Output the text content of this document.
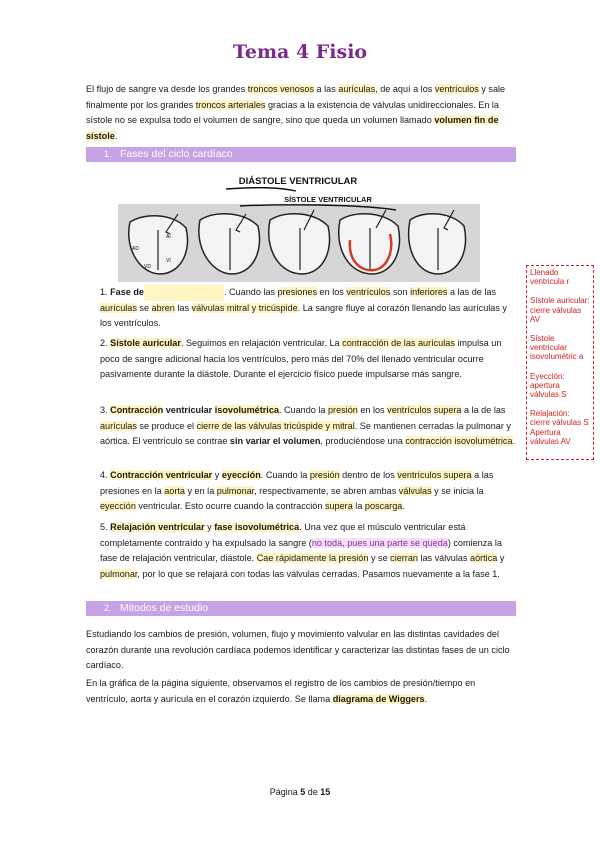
Tema 4 Fisio
El flujo de sangre va desde los grandes troncos venosos a las aurículas, de aquí a los ventrículos y sale finalmente por los grandes troncos arteriales gracias a la existencia de válvulas unidireccionales. En la sístole no se expulsa todo el volumen de sangre, sino que queda un volumen llamado volumen fin de sístole.
1. Fases del ciclo cardíaco
DIÁSTOLE VENTRICULAR
SÍSTOLE VENTRICULAR
AD
AI
VD
VI
Llenado ventricula r
Sístole auricular: cierre válvulas AV
Sístole ventricular isovolumétric a
Eyección: apertura válvulas S
Relajación: cierre válvulas S Apertura válvulas AV
1. Fase de	. Cuando las presiones en los ventrículos son inferiores a las de las aurículas se abren las válvulas mitral y tricúspide. La sangre fluye al corazón llenando las aurículas y los ventrículos.
2. Sístole auricular. Seguimos en relajación ventricular. La contracción de las aurículas impulsa un poco de sangre adicional hacia los ventrículos, pero más del 70% del llenado ventricular ocurre pasivamente durante la diástole. Durante el ejercicio físico puede impulsarse más sangre.
3. Contracción ventricular isovolumétrica. Cuando la presión en los ventrículos supera a la de las aurículas se produce el cierre de las válvulas tricúspide y mitral. Se mantienen cerradas la pulmonar y aórtica. El ventrículo se contrae sin variar el volumen, produciéndose una contracción isovolumétrica.
4. Contracción ventricular y eyección. Cuando la presión dentro de los ventrículos supera a las presiones en la aorta y en la pulmonar, respectivamente, se abren ambas válvulas y se inicia la eyección ventricular. Esto ocurre cuando la contracción supera la poscarga.
5. Relajación ventricular y fase isovolumétrica. Una vez que el músculo ventricular está completamente contraído y ha expulsado la sangre (no toda, pues una parte se queda) comienza la fase de relajación ventricular, diástole. Cae rápidamente la presión y se cierran las válvulas aórtica y pulmonar, por lo que se relajará con todas las válvulas cerradas. Pasamos nuevamente a la fase 1.
2. Mitodos de estudio
Estudiando los cambios de presión, volumen, flujo y movimiento valvular en las distintas cavidades del corazón durante una revolución cardíaca podemos identificar y caracterizar las distintas fases de un ciclo cardíaco.
En la gráfica de la página siguiente, observamos el registro de los cambios de presión/tiempo en ventrículo, aorta y aurícula en el corazón izquierdo. Se llama diagrama de Wiggers.
Página 5 de 15
